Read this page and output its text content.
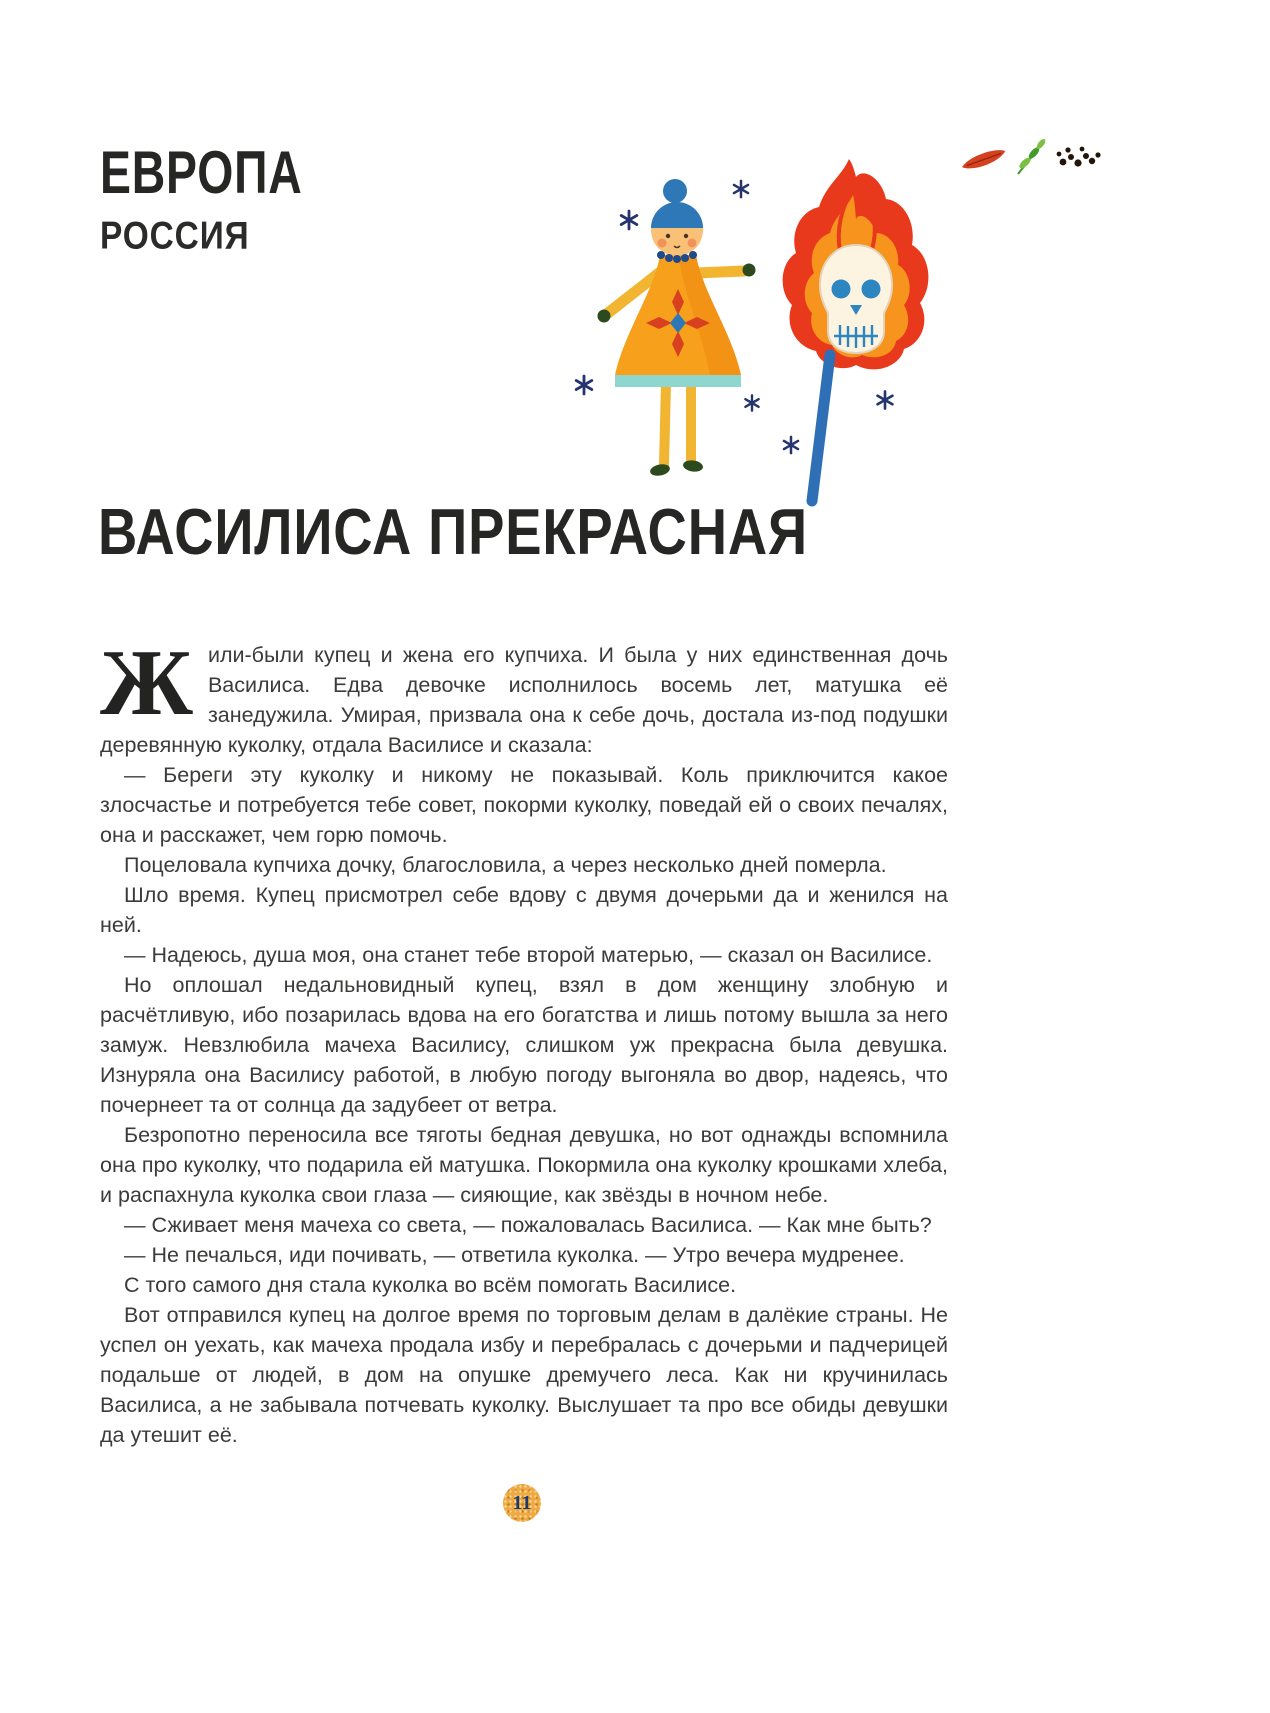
ЕВРОПА
РОССИЯ
ВАСИЛИСА ПРЕКРАСНАЯ

Жили-были купец и жена его купчиха. И была у них единственная дочь Василиса. Едва девочке исполнилось восемь лет, матушка её занедужила. Умирая, призвала она к себе дочь, достала из-под подушки деревянную куколку, отдала Василисе и сказала:

— Береги эту куколку и никому не показывай. Коль приключится какое злосчастье и потребуется тебе совет, покорми куколку, поведай ей о своих печалях, она и расскажет, чем горю помочь.

Поцеловала купчиха дочку, благословила, а через несколько дней померла.

Шло время. Купец присмотрел себе вдову с двумя дочерьми да и женился на ней.

— Надеюсь, душа моя, она станет тебе второй матерью, — сказал он Василисе.

Но оплошал недальновидный купец, взял в дом женщину злобную и расчётливую, ибо позарилась вдова на его богатства и лишь потому вышла за него замуж. Невзлюбила мачеха Василису, слишком уж прекрасна была девушка. Изнуряла она Василису работой, в любую погоду выгоняла во двор, надеясь, что почернеет та от солнца да задубеет от ветра.

Безропотно переносила все тяготы бедная девушка, но вот однажды вспомнила она про куколку, что подарила ей матушка. Покормила она куколку крошками хлеба, и распахнула куколка свои глаза — сияющие, как звёзды в ночном небе.

— Сживает меня мачеха со света, — пожаловалась Василиса. — Как мне быть?

— Не печалься, иди почивать, — ответила куколка. — Утро вечера мудренее.

С того самого дня стала куколка во всём помогать Василисе.

Вот отправился купец на долгое время по торговым делам в далёкие страны. Не успел он уехать, как мачеха продала избу и перебралась с дочерьми и падчерицей подальше от людей, в дом на опушке дремучего леса. Как ни кручинилась Василиса, а не забывала потчевать куколку. Выслушает та про все обиды девушки да утешит её.

11
